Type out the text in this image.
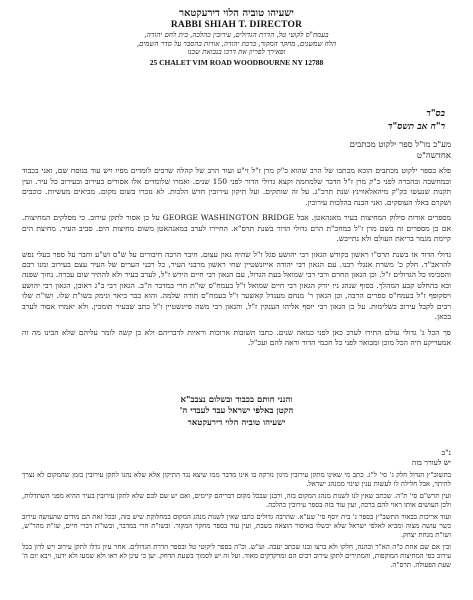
ישעיהו טוביה הלוי דירעקטאר
RABBI SHIAH T. DIRECTOR
בעמח"ס לקוטי טל, הדרת הגדולים, עירובין כהלכה, בית לחם יהודה,
הלח שמשנים, מחקר המקור, ברכת יהודה, אורות בהסבר על סדר השמים,
ופאירך לפריון את דרכו בנבואת שכנו
25 CHALET VIM ROAD WOODBOURNE NY 12788
בס"ד
ר"ח אב תשס"ד

מע"כ מו"ל ספר ילקוט מכתבים

אחדשה"ט

פלא בספר ילקוט מכתבים הובא מכתבו של הרב שהוא כ"ק מרן ז"ל זי"ע ועוד הרב של קהלה שרבים לומדים מפיו ויש עוד בנוסח שם, ואני בכבוד ובמחשבה ובהכרה לפני כ"ק מרן ז"ל הדבר שלמחמה וקצא גדולי הדור לפני 150 שנים. ואמרו שלומדים אלו אסורים בעירוב ובעירוב כל עיר. ועין תקנות שנעשו בק"ק מיהאלאווינץ שנת תרכ"ג. על זה שותקים. ועל תיקון עירובין חדש הלכות. לא נזכרו בשום מקום. מביאים מעשיות. כוכבים ושקרם באלו העוסקים. ואני הבנה בהלכות עירובין.

מספרים אודות סילוק המחיצות בעיר מאנהאטן. אבל GEORGE WASHINGTON BRIDGE על כן אסור לתקן עירוב. כי מסלקים המחיצות. אם כן מספרים זה בשם מרן ז"ל במחכ"ת הרם גדולי הדור בשנת תרס"א. החיירו לערב במאנהאטן משום מחיצות הים. סביב העיר. מחיצת הים קיימת מגמר בריאת העולם ולא נתייבש.

גדולי הדור אז בשנת תרס"ו ראשון בקודש הגאון רבי יהושע סגל ז"ל שהיה גאון עצום. חיבר הרבה חיבורים על ש"ס וש"ע וחבר על ספר בעלי נפש להראב"ד. חלק כ' משרת אנגלי רבנו. עם הגאון רבי יהודה אייזנשטיין שחי ראשון מרבני העיר, כל רבני הערים של העיר עצם בעירוב ומנו רבם והסכימו כל הגדולים ז"ל. וכן הגאון החרם ורבי רבי שמואל בעת הגדול, עם הגאון רבי חיים הירש ז"ל, לערב בעיר ולא להתיר שום עברה. נחוך שפנה ובא בהחלט קבע המהלך. בסוף שנהג ניו יורק הגאון רבי חיים שמואל ז"ל בעמח"ס שו"ת חרי במדבר ה"ב. הגאון רבי ב"ג ראובן, הגאון רבי יהושע ויסקופף ז"ל בעמח"ס ספרים הרבה, וכן הגאון ר' מנחם מענדל קאשער ז"ל בעמח"ס תורה שלמה. והוא כבר ביאר ונימק בשו"ת שלו. ושו"ת שלו רבים לקבל עירוב בשלימות. על כן הגאון רבי יוסף אליהו הענקין ז"ל, והגאון רבי משה פיינשטיין ז"ל כתב שבעיר תומכין. ולא יאמרו אסור לערב בכאן.

סך הכל ג' גדולי עולם התירו לערב כאן לפני כמאה שנים. כתבו תשובות ארוכות וראיות לדבריהם ולא כן קשה לומר עליהם שלא הבינו מה זה אמעריקע היה הכל מוכן ומבואר לפני כל חכמי הדור וראה להם ועכ"ל.

והנני חותם בכבוד ובשלום נצבב"א
הקטן באלפי ישראל עבד לעבדי ה'
ישעיהו טוביה הלוי דירעקטאר

נ"ב

יש לעורר בזה

בתשוב"ץ הגדול חלק ג' סי' ל"ג. כתב מי שאינו מתקן עירובין מיגון נזרקה בו אינו מדבר ממו שיצא נגד התיקון אלא שלא נהגו לתקן עירובין בזמן שהמקום לא נצרך להיתר, אבל חלילה לו לעשות ענין שינוי ממנהג ישראל.

ועין תרש"ם סי' ת"ה. שכתב שאין לנו לשנות מנהג המקום בזה, ורבנן שבכל מקום דבריהם קיימים, ואם יש שם לבם שלא לתקן עירובין בעיר ההיא מפני השתדלות, ולכן העושים אותו ראוי להם ברכה, ועין עוד בזה בספר עירובין כהלכה.

ועוד אריכות בבאור התשב"ץ בספר ג' בית יוסף סי' שע"א. שהרבה גדולים כתבו שאין לשנות מנהג המקום במחלוקת שיש בזה, ובכל זאת הם מודים שהעושה עירוב כשר עושה מצוה ומביא לאלפי ישראל שלא יכשלו באיסור הוצאה בשבת, ועין עוד בספר מחקר המקור. ובשו"ת חרי במדבר, ובשו"ת דברי חיים, שו"ת מהר"ש, ושו"ת מנחת יצחק.

ובין אם שם אחת כ"ה הא"ר וכהנה, חלקו ולא ברצו ובנו שכתב יעבה. וע"ש. וכ"ה בספר ליקוטי טל ובספר הדרת הגדולים. אחר עיון גדלו לתקן עירוב ויש לדון בכל עירוב כפי המחיצות המוקפות, והמתירים לתקן עירוב רבים הם ומדקדקים מאוד. ועל זה יש לסמוך בשעת הדחק. יען כי עינן לא ראו ולא שמעו ולא ידעו, ויבא יום ה' שעת הפעולה. תרס"ה.
